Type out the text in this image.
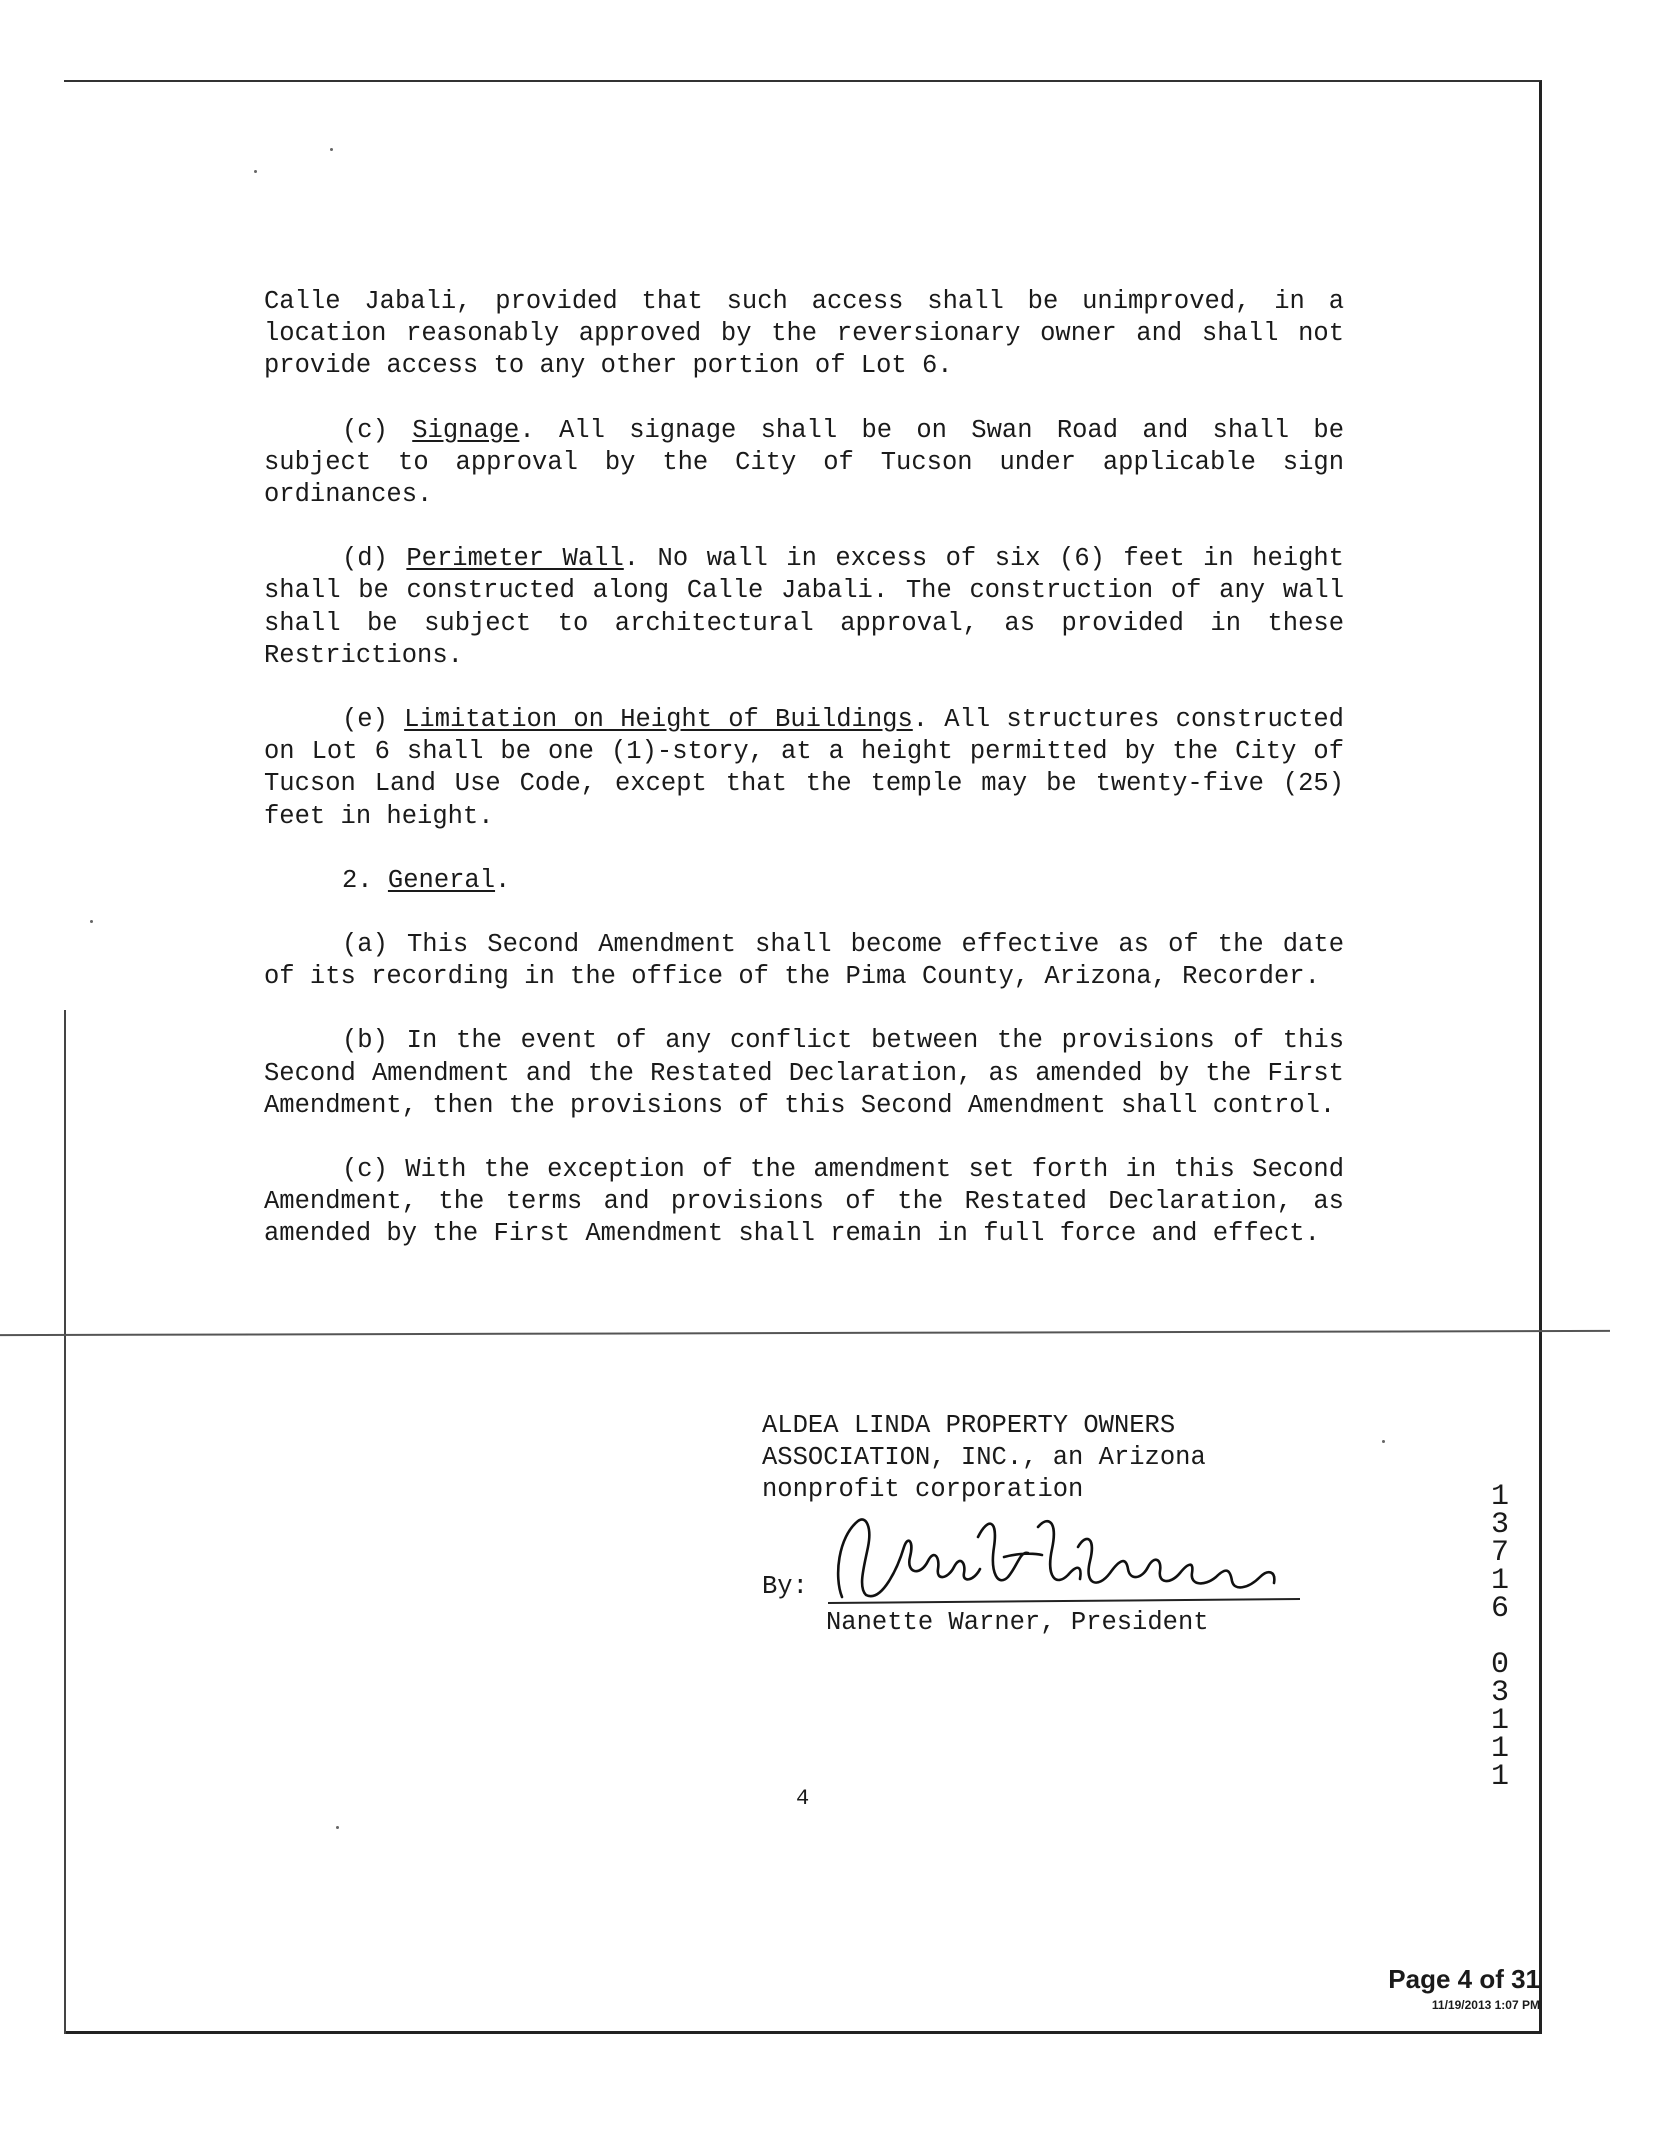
Calle Jabali, provided that such access shall be unimproved, in a location reasonably approved by the reversionary owner and shall not provide access to any other portion of Lot 6.

(c) Signage. All signage shall be on Swan Road and shall be subject to approval by the City of Tucson under applicable sign ordinances.

(d) Perimeter Wall. No wall in excess of six (6) feet in height shall be constructed along Calle Jabali. The construction of any wall shall be subject to architectural approval, as provided in these Restrictions.

(e) Limitation on Height of Buildings. All structures constructed on Lot 6 shall be one (1)-story, at a height permitted by the City of Tucson Land Use Code, except that the temple may be twenty-five (25) feet in height.

2. General.

(a) This Second Amendment shall become effective as of the date of its recording in the office of the Pima County, Arizona, Recorder.

(b) In the event of any conflict between the provisions of this Second Amendment and the Restated Declaration, as amended by the First Amendment, then the provisions of this Second Amendment shall control.

(c) With the exception of the amendment set forth in this Second Amendment, the terms and provisions of the Restated Declaration, as amended by the First Amendment shall remain in full force and effect.

ALDEA LINDA PROPERTY OWNERS
ASSOCIATION, INC., an Arizona
nonprofit corporation
By:
Nanette Warner, President
1
3
7
1
6
0
3
1
1
1
4
Page 4 of 31
11/19/2013 1:07 PM
